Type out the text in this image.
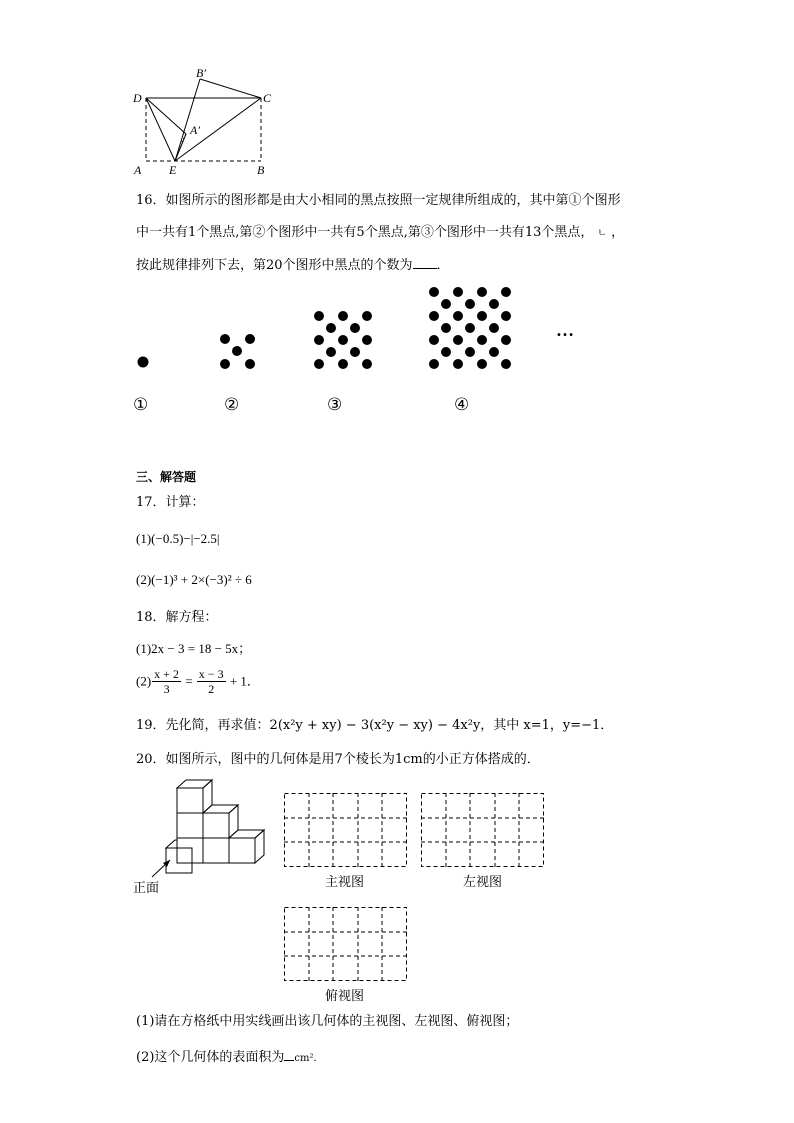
D
B′
C
A′
A E	B
16．如图所示的图形都是由大小相同的黑点按照一定规律所组成的，其中第①个图形
中一共有1个黑点,第②个图形中一共有5个黑点,第③个图形中一共有13个黑点， ㄴ ，
按此规律排列下去，第20个图形中黑点的个数为 ．
…
①	②	③	④
三、解答题
17．计算：
(1)(−0.5)−|−2.5|
(2)(−1)³ + 2×(−3)² ÷ 6
18．解方程：
(1)2x − 3 = 18 − 5x；
$(2) \frac{x + 2}{3} = \frac{x - 3}{2} + 1$．
19．先化简，再求值：2(x²y + xy) − 3(x²y − xy) − 4x²y，其中 x=1，y=−1．
20．如图所示，图中的几何体是用7个棱长为1cm的小正方体搭成的．
正面	主视图	左视图
俯视图
(1)请在方格纸中用实线画出该几何体的主视图、左视图、俯视图；
(2)这个几何体的表面积为 cm²．
